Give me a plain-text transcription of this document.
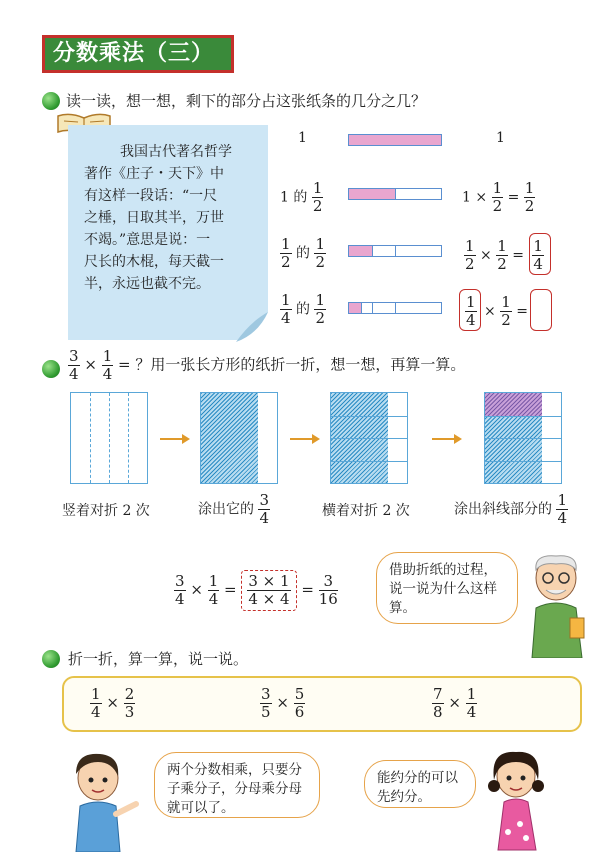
分数乘法（三）
读一读，想一想，剩下的部分占这张纸条的几分之几？
我国古代著名哲学
著作《庄子・天下》中
有这样一段话：“一尺
之棰，日取其半，万世
不竭。”意思是说：一
尺长的木棍，每天截一
半，永远也截不完。
1	1
1 的 $\frac{1}{2}$	$1 \times \frac{1}{2} = \frac{1}{2}$
$\frac{1}{2}$ 的 $\frac{1}{2}$	$\frac{1}{2} \times \frac{1}{2} = \frac{1}{4}$
$\frac{1}{4}$ 的 $\frac{1}{2}$	$\frac{1}{4} \times \frac{1}{2}$ =
$\frac{3}{4} \times \frac{1}{4}$ = ？用一张长方形的纸折一折，想一想，再算一算。
竖着对折 2 次	涂出它的 $\frac{3}{4}$	横着对折 2 次	涂出斜线部分的 $\frac{1}{4}$
$\frac{3}{4} \times \frac{1}{4} = \frac{3 \times 1}{4 \times 4} = \frac{3}{16}$
借助折纸的过程，说一说为什么这样算。
折一折，算一算，说一说。
$\frac{1}{4} \times \frac{2}{3}$	$\frac{3}{5} \times \frac{5}{6}$	$\frac{7}{8} \times \frac{1}{4}$
两个分数相乘，只要分子乘分子，分母乘分母就可以了。
能约分的可以先约分。
